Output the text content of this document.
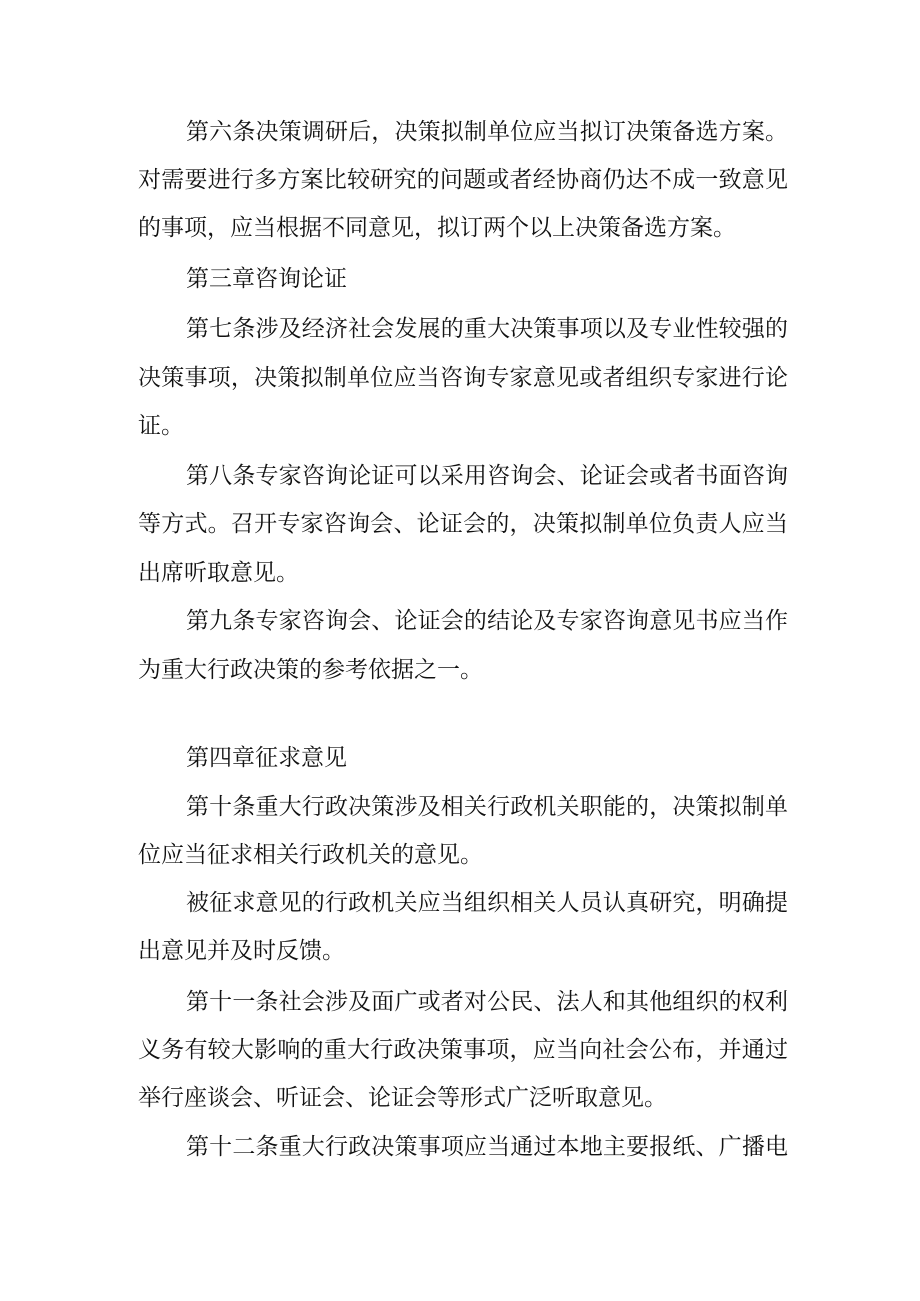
第六条决策调研后，决策拟制单位应当拟订决策备选方案。
对需要进行多方案比较研究的问题或者经协商仍达不成一致意见
的事项，应当根据不同意见，拟订两个以上决策备选方案。
第三章咨询论证
第七条涉及经济社会发展的重大决策事项以及专业性较强的
决策事项，决策拟制单位应当咨询专家意见或者组织专家进行论
证。
第八条专家咨询论证可以采用咨询会、论证会或者书面咨询
等方式。召开专家咨询会、论证会的，决策拟制单位负责人应当
出席听取意见。
第九条专家咨询会、论证会的结论及专家咨询意见书应当作
为重大行政决策的参考依据之一。
第四章征求意见
第十条重大行政决策涉及相关行政机关职能的，决策拟制单
位应当征求相关行政机关的意见。
被征求意见的行政机关应当组织相关人员认真研究，明确提
出意见并及时反馈。
第十一条社会涉及面广或者对公民、法人和其他组织的权利
义务有较大影响的重大行政决策事项，应当向社会公布，并通过
举行座谈会、听证会、论证会等形式广泛听取意见。
第十二条重大行政决策事项应当通过本地主要报纸、广播电
